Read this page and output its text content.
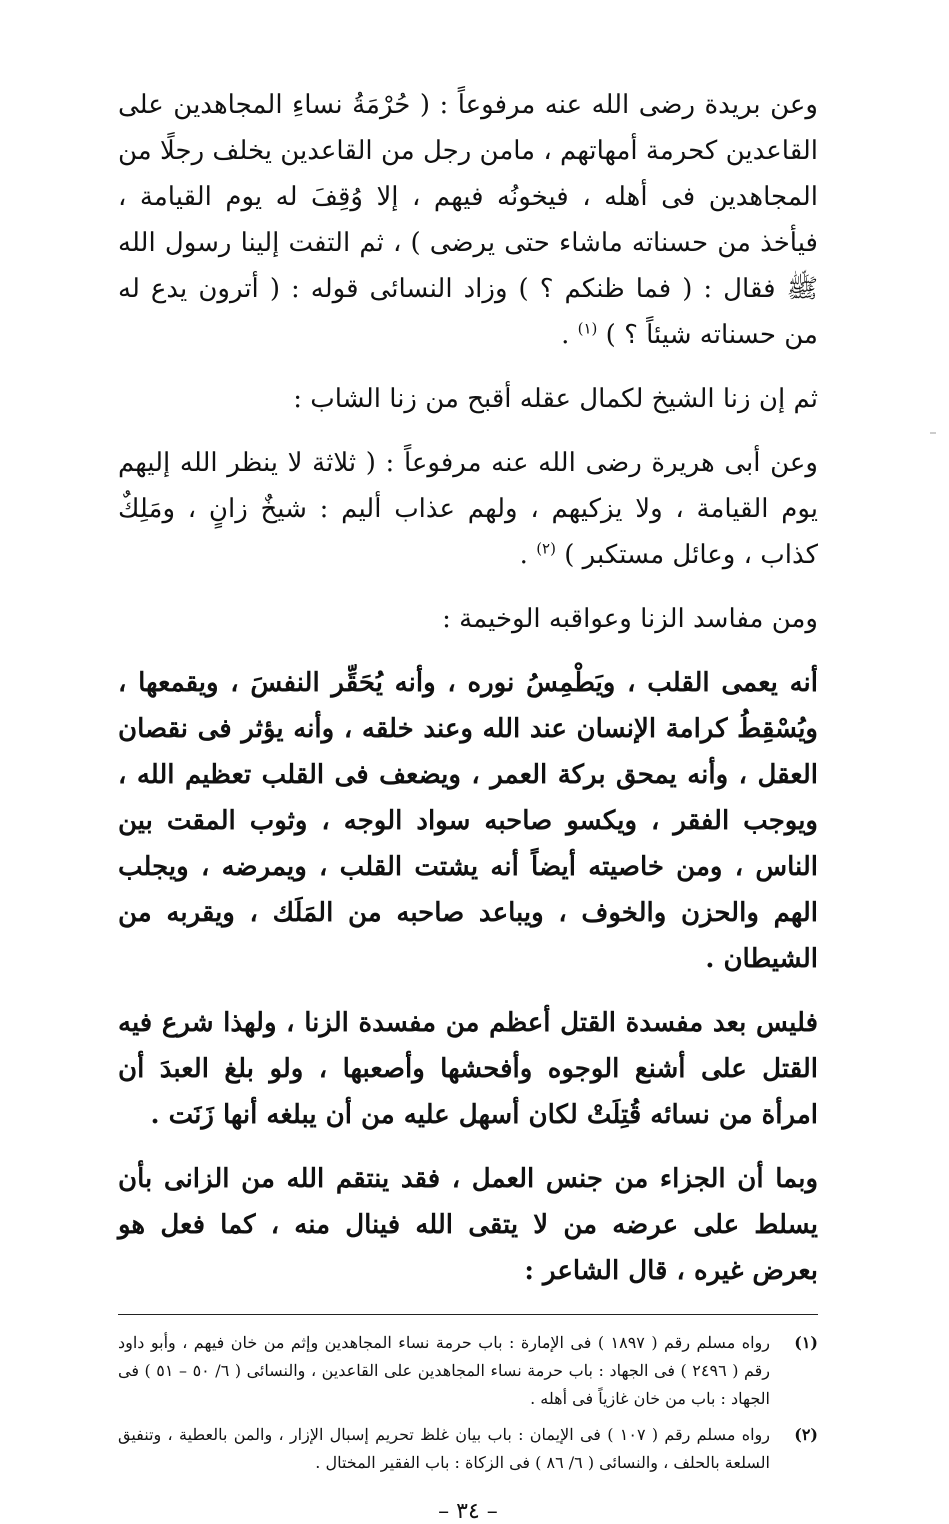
وعن بريدة رضى الله عنه مرفوعاً : ( حُرْمَةُ نساءِ المجاهدين على القاعدين كحرمة أمهاتهم ، مامن رجل من القاعدين يخلف رجلًا من المجاهدين فى أهله ، فيخونُه فيهم ، إلا وُقِفَ له يوم القيامة ، فيأخذ من حسناته ماشاء حتى يرضى ) ، ثم التفت إلينا رسول الله ﷺ فقال : ( فما ظنكم ؟ ) وزاد النسائى قوله : ( أترون يدع له من حسناته شيئاً ؟ ) $^{(١)}$ .

ثم إن زنا الشيخ لكمال عقله أقبح من زنا الشاب :

وعن أبى هريرة رضى الله عنه مرفوعاً : ( ثلاثة لا ينظر الله إليهم يوم القيامة ، ولا يزكيهم ، ولهم عذاب أليم : شيخٌ زانٍ ، ومَلِكٌ كذاب ، وعائل مستكبر ) $^{(٢)}$ .

ومن مفاسد الزنا وعواقبه الوخيمة :

أنه يعمى القلب ، ويَطْمِسُ نوره ، وأنه يُحَقِّر النفسَ ، ويقمعها ، ويُسْقِطُ كرامة الإنسان عند الله وعند خلقه ، وأنه يؤثر فى نقصان العقل ، وأنه يمحق بركة العمر ، ويضعف فى القلب تعظيم الله ، ويوجب الفقر ، ويكسو صاحبه سواد الوجه ، وثوب المقت بين الناس ، ومن خاصيته أيضاً أنه يشتت القلب ، ويمرضه ، ويجلب الهم والحزن والخوف ، ويباعد صاحبه من المَلَك ، ويقربه من الشيطان .

فليس بعد مفسدة القتل أعظم من مفسدة الزنا ، ولهذا شرع فيه القتل على أشنع الوجوه وأفحشها وأصعبها ، ولو بلغ العبدَ أن امرأة من نسائه قُتِلَتْ لكان أسهل عليه من أن يبلغه أنها زَنَت .

وبما أن الجزاء من جنس العمل ، فقد ينتقم الله من الزانى بأن يسلط على عرضه من لا يتقى الله فينال منه ، كما فعل هو بعرض غيره ، قال الشاعر :

(١)
رواه مسلم رقم ( ١٨٩٧ ) فى الإمارة : باب حرمة نساء المجاهدين وإثم من خان فيهم ، وأبو داود رقم ( ٢٤٩٦ ) فى الجهاد : باب حرمة نساء المجاهدين على القاعدين ، والنسائى ( ٦/ ٥٠ – ٥١ ) فى الجهاد : باب من خان غازياً فى أهله .
(٢)
رواه مسلم رقم ( ١٠٧ ) فى الإيمان : باب بيان غلظ تحريم إسبال الإزار ، والمن بالعطية ، وتنفيق السلعة بالحلف ، والنسائى ( ٦/ ٨٦ ) فى الزكاة : باب الفقير المختال .
– ٣٤ –
